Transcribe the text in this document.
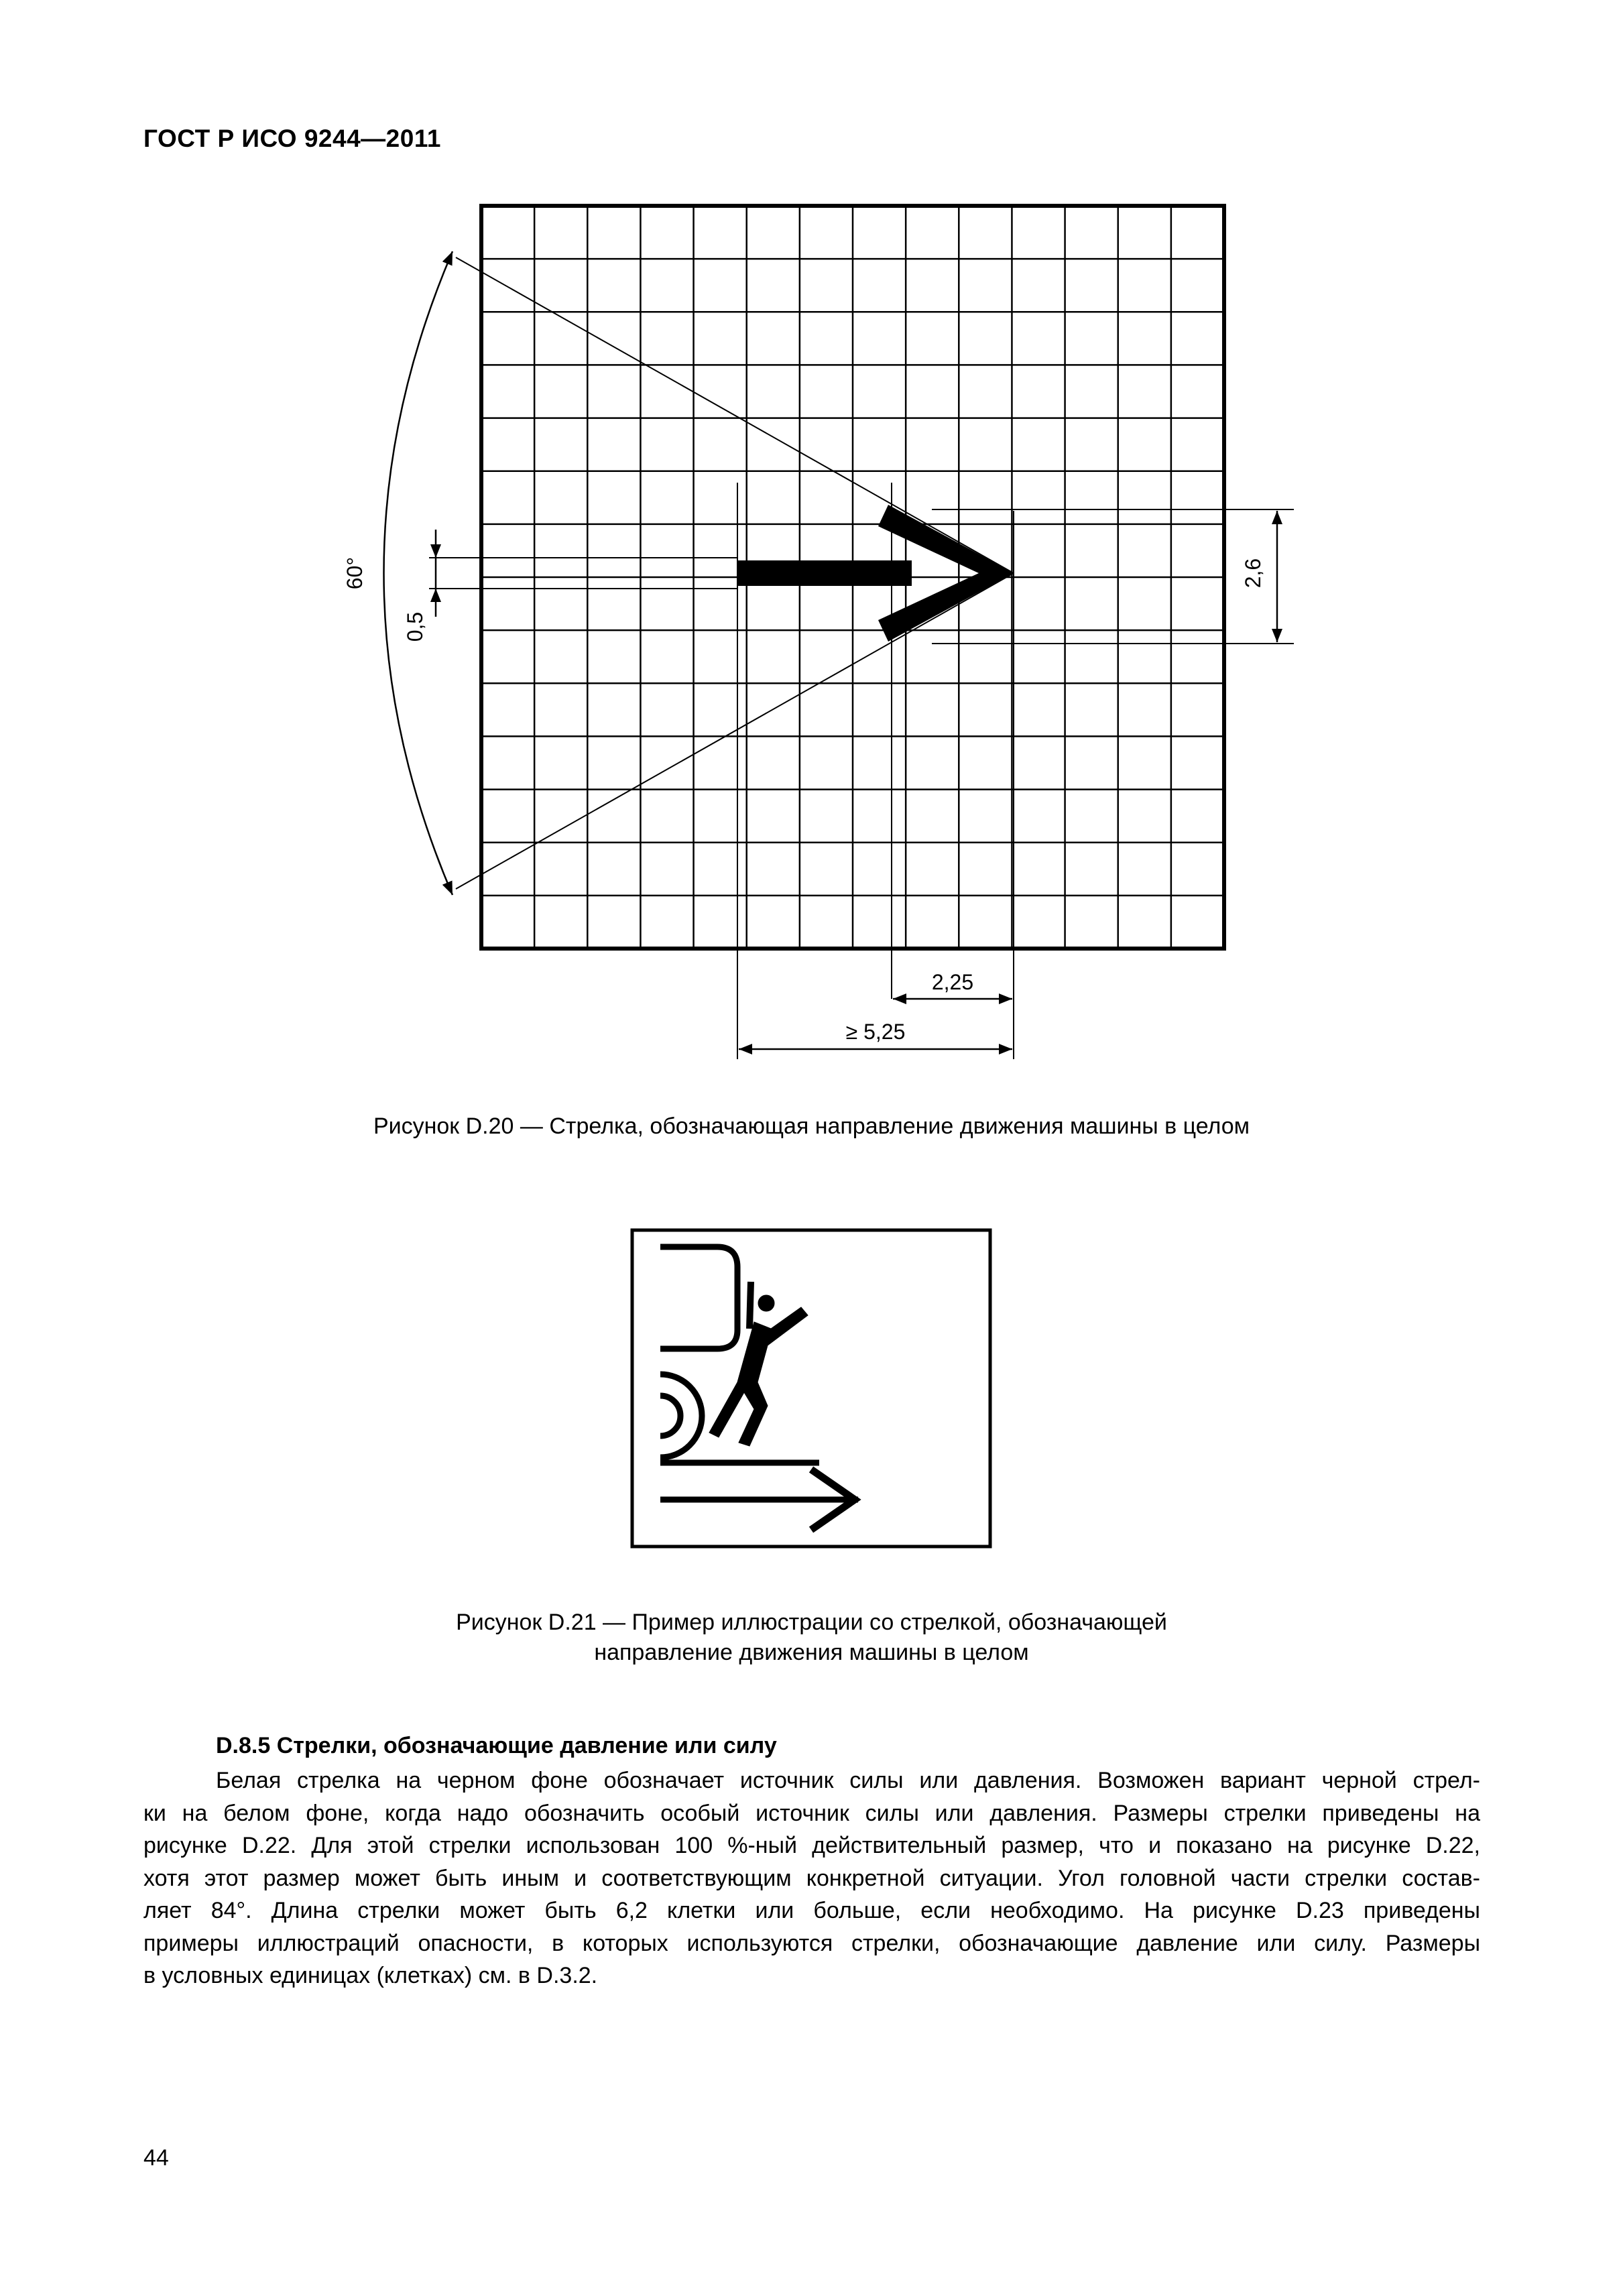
ГОСТ Р ИСО 9244—2011
60°
0,5
2,6
2,25
≥ 5,25
Рисунок D.20 — Стрелка, обозначающая направление движения машины в целом
Рисунок D.21 — Пример иллюстрации со стрелкой, обозначающей
направление движения машины в целом
D.8.5 Стрелки, обозначающие давление или силу
Белая стрелка на черном фоне обозначает источник силы или давления. Возможен вариант черной стрел-
ки на белом фоне, когда надо обозначить особый источник силы или давления. Размеры стрелки приведены на
рисунке D.22. Для этой стрелки использован 100 %-ный действительный размер, что и показано на рисунке D.22,
хотя этот размер может быть иным и соответствующим конкретной ситуации. Угол головной части стрелки состав-
ляет 84°. Длина стрелки может быть 6,2 клетки или больше, если необходимо. На рисунке D.23 приведены
примеры иллюстраций опасности, в которых используются стрелки, обозначающие давление или силу. Размеры
в условных единицах (клетках) см. в D.3.2.
44
